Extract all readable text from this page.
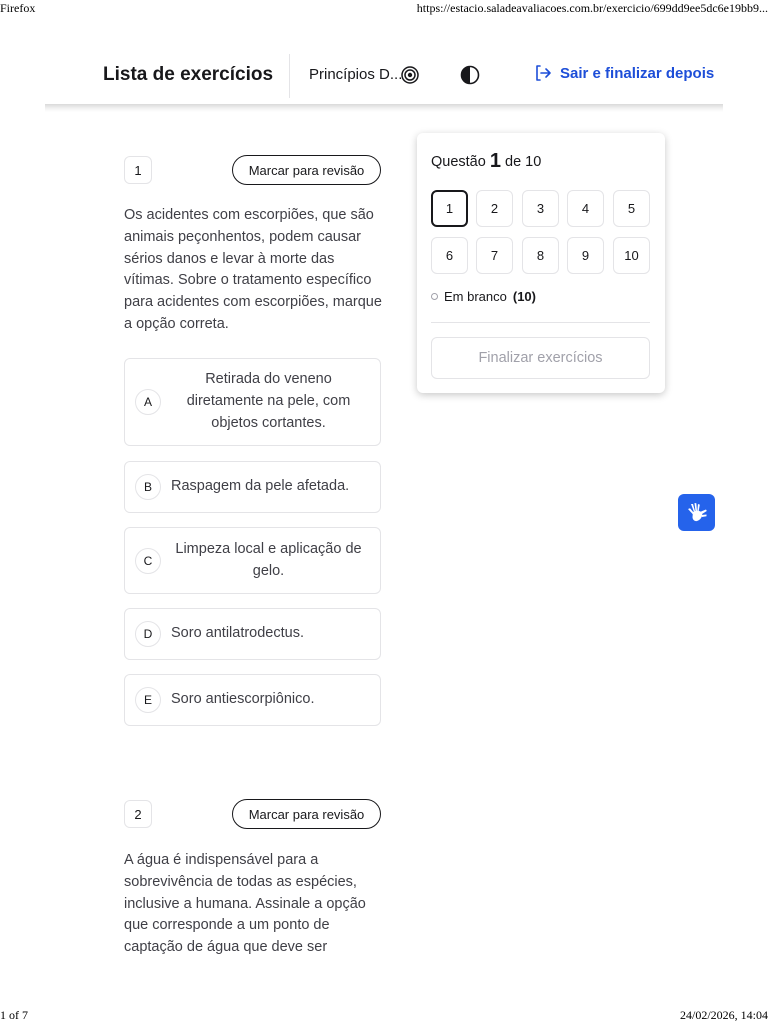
Firefox	https://estacio.saladeavaliacoes.com.br/exercicio/699dd9ee5dc6e19bb9...
1 of 7	24/02/2026, 14:04
Lista de exercícios Princípios D...	Sair e finalizar depois
1	Marcar para revisão
Os acidentes com escorpiões, que são animais peçonhentos, podem causar sérios danos e levar à morte das vítimas. Sobre o tratamento específico para acidentes com escorpiões, marque a opção correta.
A
Retirada do veneno diretamente na pele, com objetos cortantes.
B	Raspagem da pele afetada.
C
Limpeza local e aplicação de gelo.
D	Soro antilatrodectus.
E	Soro antiescorpiônico.
2	Marcar para revisão
A água é indispensável para a sobrevivência de todas as espécies, inclusive a humana. Assinale a opção que corresponde a um ponto de captação de água que deve ser
Questão 1 de 10
1	2	3	4	5
6	7	8	9	10
Em branco (10)
Finalizar exercícios
